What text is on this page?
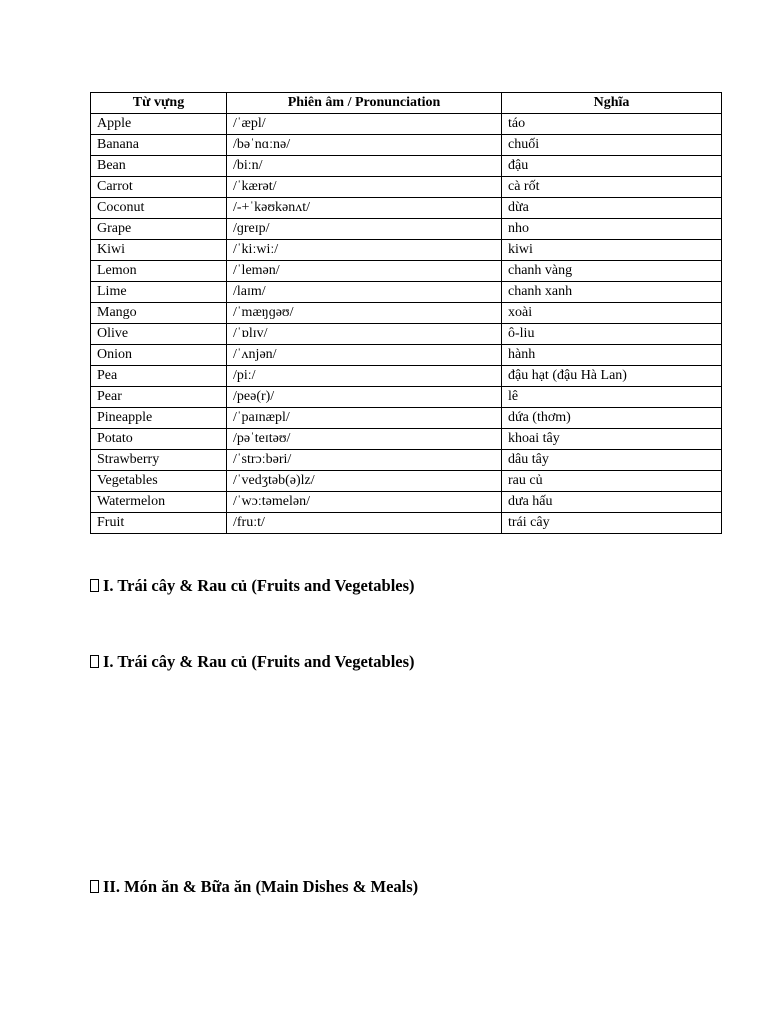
Từ vựng	Phiên âm / Pronunciation	Nghĩa
Apple	/ˈæpl/	táo
Banana	/bəˈnɑːnə/	chuối
Bean	/biːn/	đậu
Carrot	/ˈkærət/	cà rốt
Coconut	/-+ˈkəʊkənʌt/	dừa
Grape	/ɡreɪp/	nho
Kiwi	/ˈkiːwiː/	kiwi
Lemon	/ˈlemən/	chanh vàng
Lime	/laɪm/	chanh xanh
Mango	/ˈmæŋɡəʊ/	xoài
Olive	/ˈɒlɪv/	ô-liu
Onion	/ˈʌnjən/	hành
Pea	/piː/	đậu hạt (đậu Hà Lan)
Pear	/peə(r)/	lê
Pineapple	/ˈpaɪnæpl/	dứa (thơm)
Potato	/pəˈteɪtəʊ/	khoai tây
Strawberry	/ˈstrɔːbəri/	dâu tây
Vegetables	/ˈvedʒtəb(ə)lz/	rau củ
Watermelon	/ˈwɔːtəmelən/	dưa hấu
Fruit	/fruːt/	trái cây
I. Trái cây & Rau củ (Fruits and Vegetables)
I. Trái cây & Rau củ (Fruits and Vegetables)
II. Món ăn & Bữa ăn (Main Dishes & Meals)
